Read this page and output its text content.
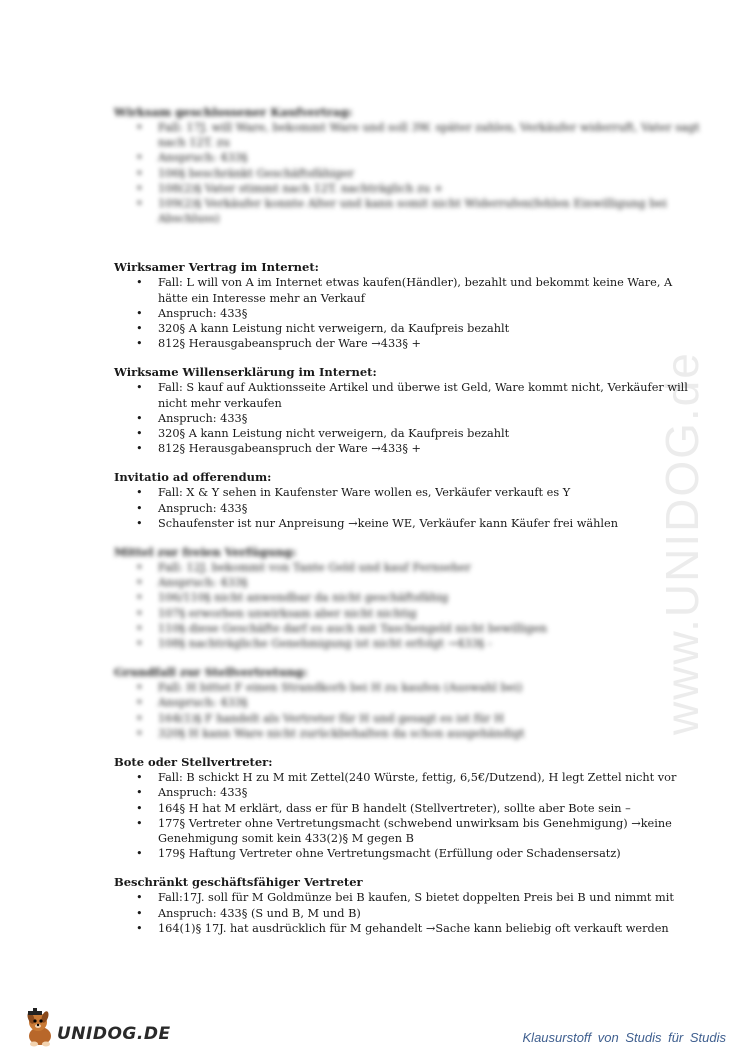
www.UNIDOG.de

Wirksam geschlossener Kaufvertrag:

• Fall: 17J. will Ware, bekommt Ware und soll 3W. später zahlen, Verkäufer widerruft, Vater sagt nach 12T. zu
• Anspruch: 433§
• 106§ beschränkt Geschäftsfähiger
• 108(2)§ Vater stimmt nach 12T. nachträglich zu +
• 109(2)§ Verkäufer konnte Alter und kann somit nicht Widerrufen(fehlen Einwilligung bei Abschluss)

Wirksamer Vertrag im Internet:

• Fall: L will von A im Internet etwas kaufen(Händler), bezahlt und bekommt keine Ware, A hätte ein Interesse mehr an Verkauf
• Anspruch: 433§
• 320§ A kann Leistung nicht verweigern, da Kaufpreis bezahlt
• 812§ Herausgabeanspruch der Ware →433§ +

Wirksame Willenserklärung im Internet:

• Fall: S kauf auf Auktionsseite Artikel und überwe ist Geld, Ware kommt nicht, Verkäufer will nicht mehr verkaufen
• Anspruch: 433§
• 320§ A kann Leistung nicht verweigern, da Kaufpreis bezahlt
• 812§ Herausgabeanspruch der Ware →433§ +

Invitatio ad offerendum:

• Fall: X & Y sehen in Kaufenster Ware wollen es, Verkäufer verkauft es Y
• Anspruch: 433§
• Schaufenster ist nur Anpreisung →keine WE, Verkäufer kann Käufer frei wählen

Mittel zur freien Verfügung:

• Fall: 12J. bekommt von Tante Geld und kauf Fernseher
• Anspruch: 433§
• 106/110§ nicht anwendbar da nicht geschäftsfähig
• 107§ erworben unwirksam aber nicht nichtig
• 110§ diese Geschäfte darf es auch mit Taschengeld nicht bewilligen
• 108§ nachträgliche Genehmigung ist nicht erfolgt →433§ -

Grundfall zur Stellvertretung:

• Fall: H bittet F einen Strandkorb bei H zu kaufen (Auswahl bei)
• Anspruch: 433§
• 164(1)§ F handelt als Vertreter für H und gesagt es ist für H
• 320§ H kann Ware nicht zurückbehalten da schon ausgehändigt

Bote oder Stellvertreter:

• Fall: B schickt H zu M mit Zettel(240 Würste, fettig, 6,5€/Dutzend), H legt Zettel nicht vor
• Anspruch: 433§
• 164§ H hat M erklärt, dass er für B handelt (Stellvertreter), sollte aber Bote sein –
• 177§ Vertreter ohne Vertretungsmacht (schwebend unwirksam bis Genehmigung) →keine Genehmigung somit kein 433(2)§ M gegen B
• 179§ Haftung Vertreter ohne Vertretungsmacht (Erfüllung oder Schadensersatz)

Beschränkt geschäftsfähiger Vertreter

• Fall:17J. soll für M Goldmünze bei B kaufen, S bietet doppelten Preis bei B und nimmt mit
• Anspruch: 433§ (S und B, M und B)
• 164(1)§ 17J. hat ausdrücklich für M gehandelt →Sache kann beliebig oft verkauft werden
UNIDOG.DE	Klausurstoff von Studis für Studis
